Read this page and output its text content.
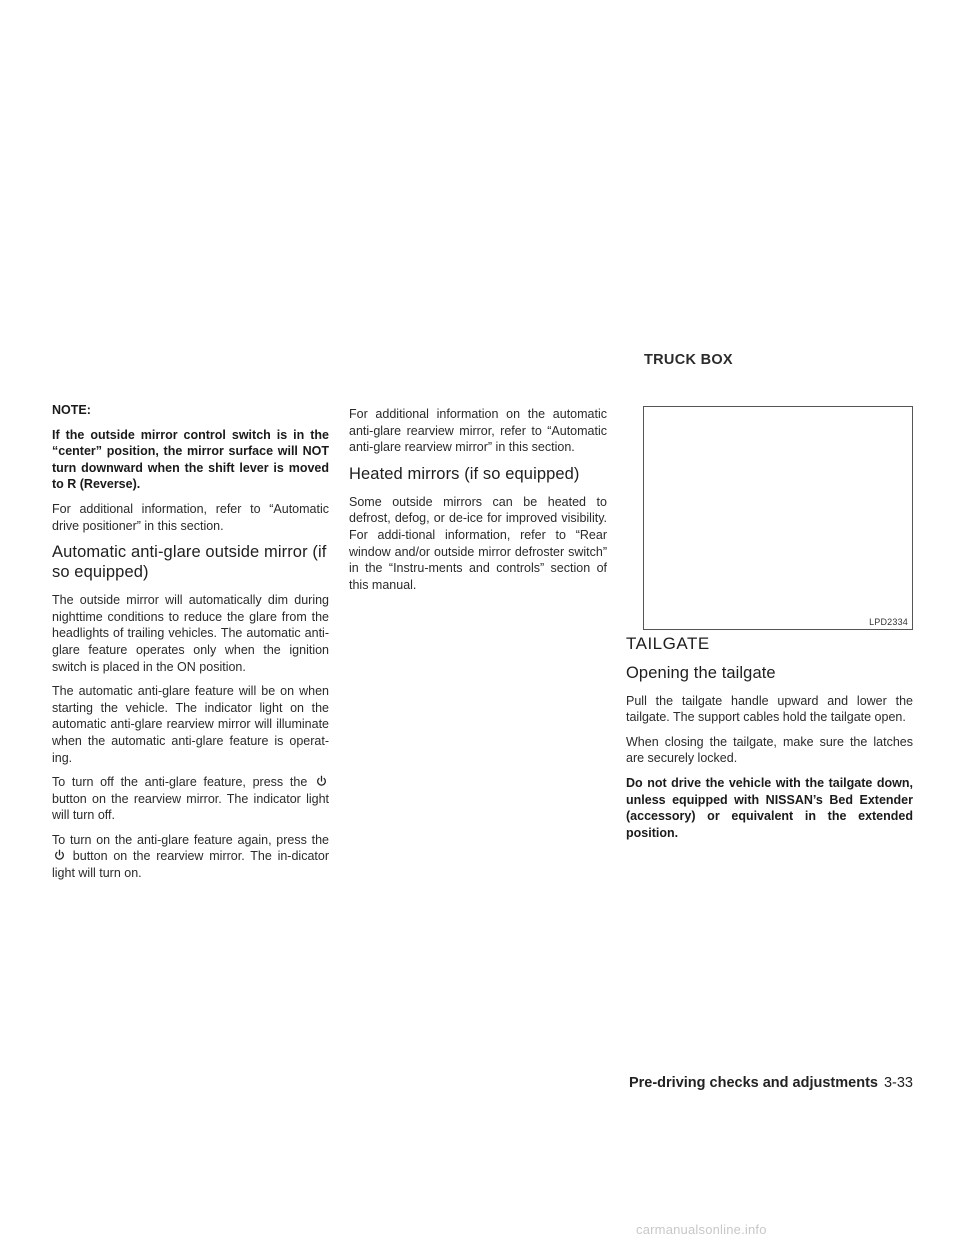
NOTE:

If the outside mirror control switch is in the “center” position, the mirror surface will NOT turn downward when the shift lever is moved to R (Reverse).

For additional information, refer to “Automatic drive positioner” in this section.

Automatic anti-glare outside mirror (if so equipped)

The outside mirror will automatically dim during nighttime conditions to reduce the glare from the headlights of trailing vehicles. The automatic anti-glare feature operates only when the ignition switch is placed in the ON position.

The automatic anti-glare feature will be on when starting the vehicle. The indicator light on the automatic anti-glare rearview mirror will illuminate when the automatic anti-glare feature is operat-ing.

To turn off the anti-glare feature, press the  button on the rearview mirror. The indicator light will turn off.

To turn on the anti-glare feature again, press the  button on the rearview mirror. The in-dicator light will turn on.

For additional information on the automatic anti-glare rearview mirror, refer to “Automatic anti-glare rearview mirror” in this section.

Heated mirrors (if so equipped)

Some outside mirrors can be heated to defrost, defog, or de-ice for improved visibility. For addi-tional information, refer to “Rear window and/or outside mirror defroster switch” in the “Instru-ments and controls” section of this manual.

TRUCK BOX
LPD2334
TAILGATE
Opening the tailgate

Pull the tailgate handle upward and lower the tailgate. The support cables hold the tailgate open.

When closing the tailgate, make sure the latches are securely locked.

Do not drive the vehicle with the tailgate down, unless equipped with NISSAN’s Bed Extender (accessory) or equivalent in the extended position.

Pre-driving checks and adjustments 3-33
carmanualsonline.info
